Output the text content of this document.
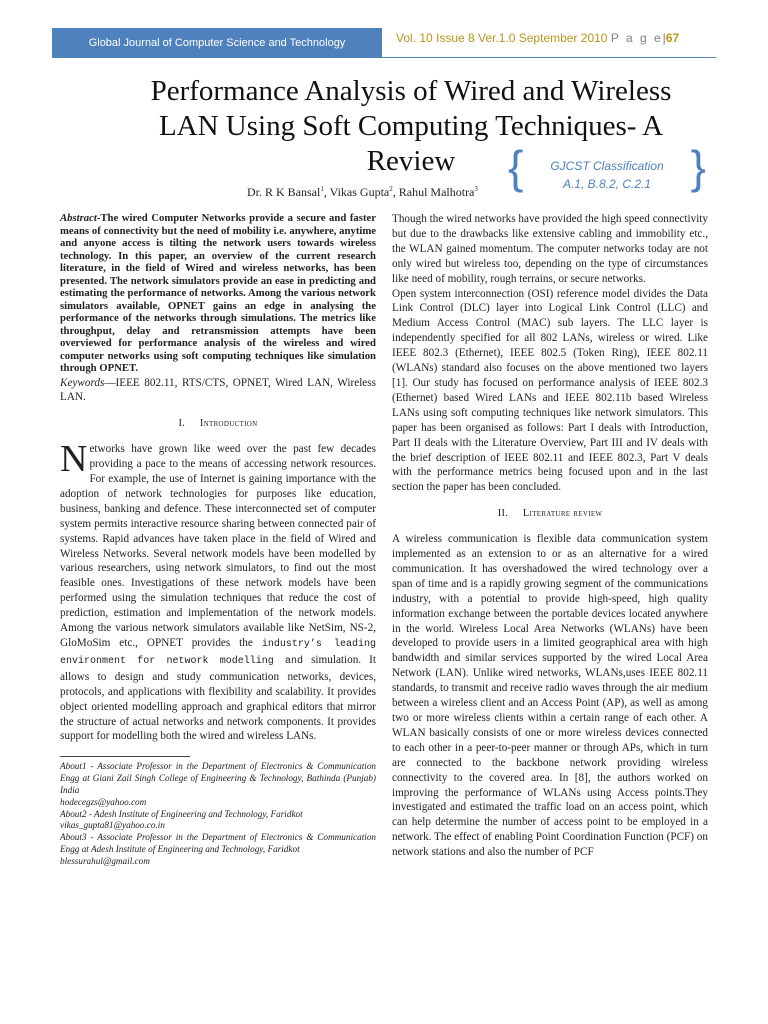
Global Journal of Computer Science and Technology	Vol. 10 Issue 8 Ver.1.0 September 2010 P a g e|67
Performance Analysis of Wired and Wireless
LAN Using Soft Computing Techniques- A
Review	{	GJCST Classification
A.1, B.8.2, C.2.1 }
Dr. R K Bansal$^1$, Vikas Gupta$^2$, Rahul Malhotra$^3$

Abstract-The wired Computer Networks provide a secure and faster means of connectivity but the need of mobility i.e. anywhere, anytime and anyone access is tilting the network users towards wireless technology. In this paper, an overview of the current research literature, in the field of Wired and wireless networks, has been presented. The network simulators provide an ease in predicting and estimating the performance of networks. Among the various network simulators available, OPNET gains an edge in analysing the performance of the networks through simulations. The metrics like throughput, delay and retransmission attempts have been overviewed for performance analysis of the wireless and wired computer networks using soft computing techniques like simulation through OPNET.

Keywords—IEEE 802.11, RTS/CTS, OPNET, Wired LAN, Wireless LAN.

I. Introduction

Networks have grown like weed over the past few decades providing a pace to the means of accessing network resources. For example, the use of Internet is gaining importance with the adoption of network technologies for purposes like education, business, banking and defence. These interconnected set of computer system permits interactive resource sharing between connected pair of systems. Rapid advances have taken place in the field of Wired and Wireless Networks. Several network models have been modelled by various researchers, using network simulators, to find out the most feasible ones. Investigations of these network models have been performed using the simulation techniques that reduce the cost of prediction, estimation and implementation of the network models. Among the various network simulators available like NetSim, NS-2, GloMoSim etc., OPNET provides the industry’s leading environment for network modelling and simulation. It allows to design and study communication networks, devices, protocols, and applications with flexibility and scalability. It provides object oriented modelling approach and graphical editors that mirror the structure of actual networks and network components. It provides support for modelling both the wired and wireless LANs.

About1 - Associate Professor in the Department of Electronics & Communication Engg at Giani Zail Singh College of Engineering & Technology, Bathinda (Punjab) India
hodecegzs@yahoo.com
About2 - Adesh Institute of Engineering and Technology, Faridkot
vikas_gupta81@yahoo.co.in
About3 - Associate Professor in the Department of Electronics & Communication Engg at Adesh Institute of Engineering and Technology, Faridkot
blessurahul@gmail.com

Though the wired networks have provided the high speed connectivity but due to the drawbacks like extensive cabling and immobility etc., the WLAN gained momentum. The computer networks today are not only wired but wireless too, depending on the type of circumstances like need of mobility, rough terrains, or secure networks.

Open system interconnection (OSI) reference model divides the Data Link Control (DLC) layer into Logical Link Control (LLC) and Medium Access Control (MAC) sub layers. The LLC layer is independently specified for all 802 LANs, wireless or wired. Like IEEE 802.3 (Ethernet), IEEE 802.5 (Token Ring), IEEE 802.11 (WLANs) standard also focuses on the above mentioned two layers [1]. Our study has focused on performance analysis of IEEE 802.3 (Ethernet) based Wired LANs and IEEE 802.11b based Wireless LANs using soft computing techniques like network simulators. This paper has been organised as follows: Part I deals with Introduction, Part II deals with the Literature Overview, Part III and IV deals with the brief description of IEEE 802.11 and IEEE 802.3, Part V deals with the performance metrics being focused upon and in the last section the paper has been concluded.

II. Literature review

A wireless communication is flexible data communication system implemented as an extension to or as an alternative for a wired communication. It has overshadowed the wired technology over a span of time and is a rapidly growing segment of the communications industry, with a potential to provide high-speed, high quality information exchange between the portable devices located anywhere in the world. Wireless Local Area Networks (WLANs) have been developed to provide users in a limited geographical area with high bandwidth and similar services supported by the wired Local Area Network (LAN). Unlike wired networks, WLANs,uses IEEE 802.11 standards, to transmit and receive radio waves through the air medium between a wireless client and an Access Point (AP), as well as among two or more wireless clients within a certain range of each other. A WLAN basically consists of one or more wireless devices connected to each other in a peer-to-peer manner or through APs, which in turn are connected to the backbone network providing wireless connectivity to the covered area. In [8], the authors worked on improving the performance of WLANs using Access points.They investigated and estimated the traffic load on an access point, which can help determine the number of access point to be employed in a network. The effect of enabling Point Coordination Function (PCF) on network stations and also the number of PCF
